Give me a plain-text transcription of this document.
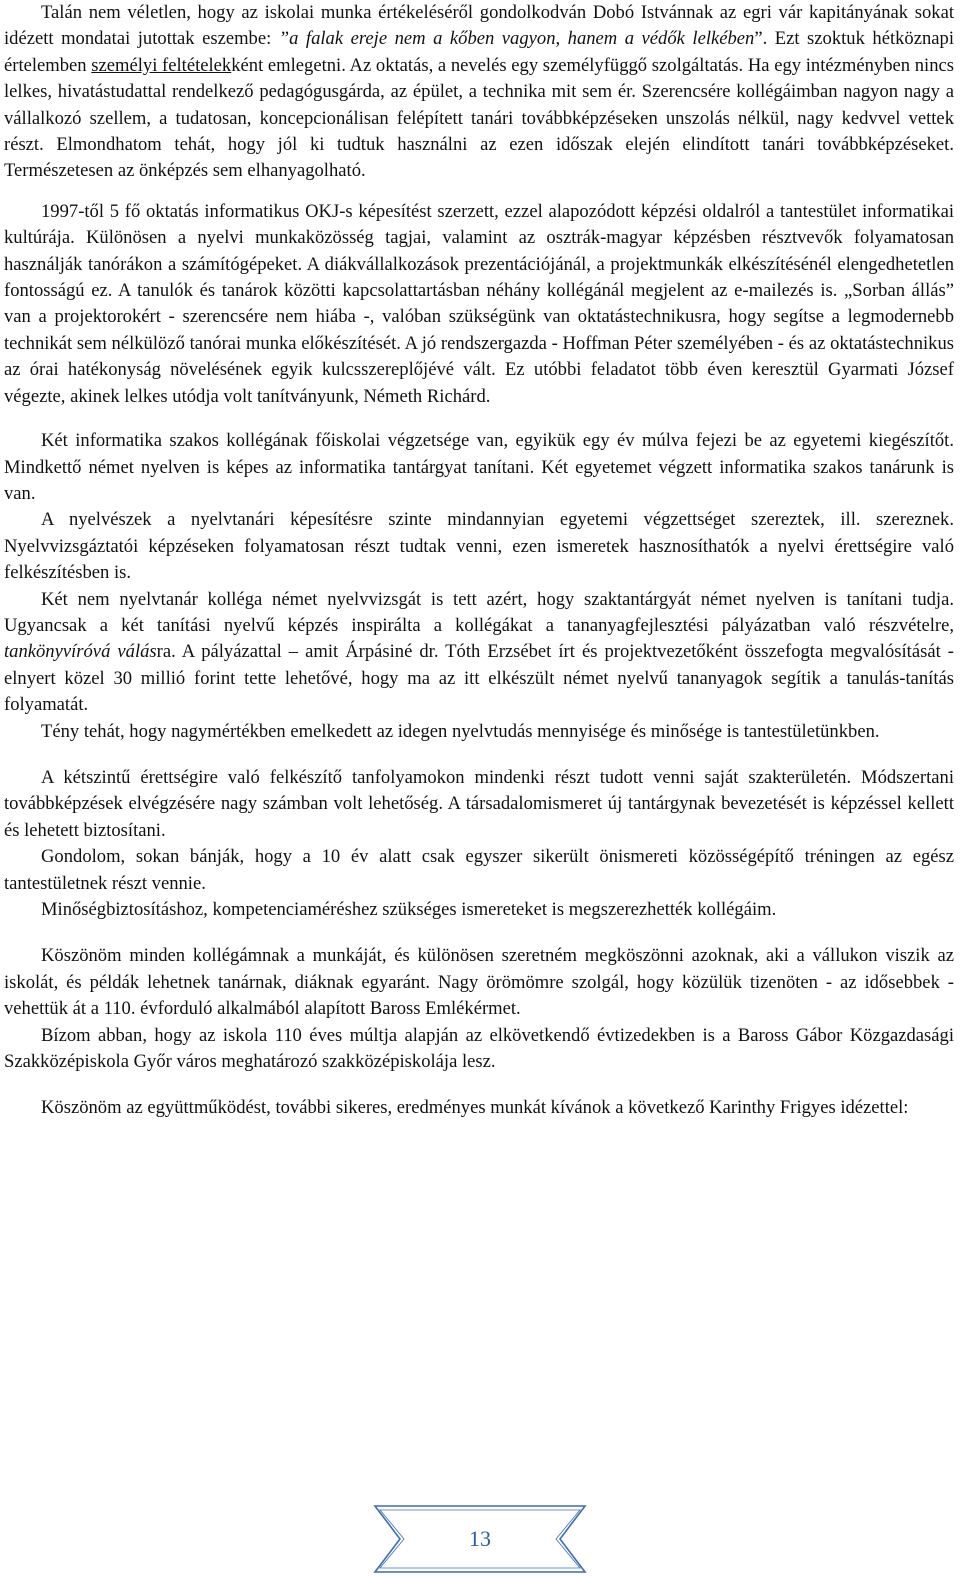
Talán nem véletlen, hogy az iskolai munka értékeléséről gondolkodván Dobó Istvánnak az egri vár kapitányának sokat idézett mondatai jutottak eszembe: ”a falak ereje nem a kőben vagyon, hanem a védők lelkében”. Ezt szoktuk hétköznapi értelemben személyi feltételekként emlegetni. Az oktatás, a nevelés egy személyfüggő szolgáltatás. Ha egy intézményben nincs lelkes, hivatástudattal rendelkező pedagógusgárda, az épület, a technika mit sem ér. Szerencsére kollégáimban nagyon nagy a vállalkozó szellem, a tudatosan, koncepcionálisan felépített tanári továbbképzéseken unszolás nélkül, nagy kedvvel vettek részt. Elmondhatom tehát, hogy jól ki tudtuk használni az ezen időszak elején elindított tanári továbbképzéseket. Természetesen az önképzés sem elhanyagolható.

1997-től 5 fő oktatás informatikus OKJ-s képesítést szerzett, ezzel alapozódott képzési oldalról a tantestület informatikai kultúrája. Különösen a nyelvi munkaközösség tagjai, valamint az osztrák-magyar képzésben résztvevők folyamatosan használják tanórákon a számítógépeket. A diákvállalkozások prezentációjánál, a projektmunkák elkészítésénél elengedhetetlen fontosságú ez. A tanulók és tanárok közötti kapcsolattartásban néhány kollégánál megjelent az e-mailezés is. „Sorban állás” van a projektorokért - szerencsére nem hiába -, valóban szükségünk van oktatástechnikusra, hogy segítse a legmodernebb technikát sem nélkülöző tanórai munka előkészítését. A jó rendszergazda - Hoffman Péter személyében - és az oktatástechnikus az órai hatékonyság növelésének egyik kulcsszereplőjévé vált. Ez utóbbi feladatot több éven keresztül Gyarmati József végezte, akinek lelkes utódja volt tanítványunk, Németh Richárd.

Két informatika szakos kollégának főiskolai végzetsége van, egyikük egy év múlva fejezi be az egyetemi kiegészítőt. Mindkettő német nyelven is képes az informatika tantárgyat tanítani. Két egyetemet végzett informatika szakos tanárunk is van.

A nyelvészek a nyelvtanári képesítésre szinte mindannyian egyetemi végzettséget szereztek, ill. szereznek. Nyelvvizsgáztatói képzéseken folyamatosan részt tudtak venni, ezen ismeretek hasznosíthatók a nyelvi érettségire való felkészítésben is.

Két nem nyelvtanár kolléga német nyelvvizsgát is tett azért, hogy szaktantárgyát német nyelven is tanítani tudja. Ugyancsak a két tanítási nyelvű képzés inspirálta a kollégákat a tananyagfejlesztési pályázatban való részvételre, tankönyvíróvá válásra. A pályázattal – amit Árpásiné dr. Tóth Erzsébet írt és projektvezetőként összefogta megvalósítását - elnyert közel 30 millió forint tette lehetővé, hogy ma az itt elkészült német nyelvű tananyagok segítik a tanulás-tanítás folyamatát.

Tény tehát, hogy nagymértékben emelkedett az idegen nyelvtudás mennyisége és minősége is tantestületünkben.

A kétszintű érettségire való felkészítő tanfolyamokon mindenki részt tudott venni saját szakterületén. Módszertani továbbképzések elvégzésére nagy számban volt lehetőség. A társadalomismeret új tantárgynak bevezetését is képzéssel kellett és lehetett biztosítani.

Gondolom, sokan bánják, hogy a 10 év alatt csak egyszer sikerült önismereti közösségépítő tréningen az egész tantestületnek részt vennie.

Minőségbiztosításhoz, kompetenciaméréshez szükséges ismereteket is megszerezhették kollégáim.

Köszönöm minden kollégámnak a munkáját, és különösen szeretném megköszönni azoknak, aki a vállukon viszik az iskolát, és példák lehetnek tanárnak, diáknak egyaránt. Nagy örömömre szolgál, hogy közülük tizenöten - az idősebbek - vehettük át a 110. évforduló alkalmából alapított Baross Emlékérmet.

Bízom abban, hogy az iskola 110 éves múltja alapján az elkövetkendő évtizedekben is a Baross Gábor Közgazdasági Szakközépiskola Győr város meghatározó szakközépiskolája lesz.

Köszönöm az együttműködést, további sikeres, eredményes munkát kívánok a következő Karinthy Frigyes idézettel:

13
